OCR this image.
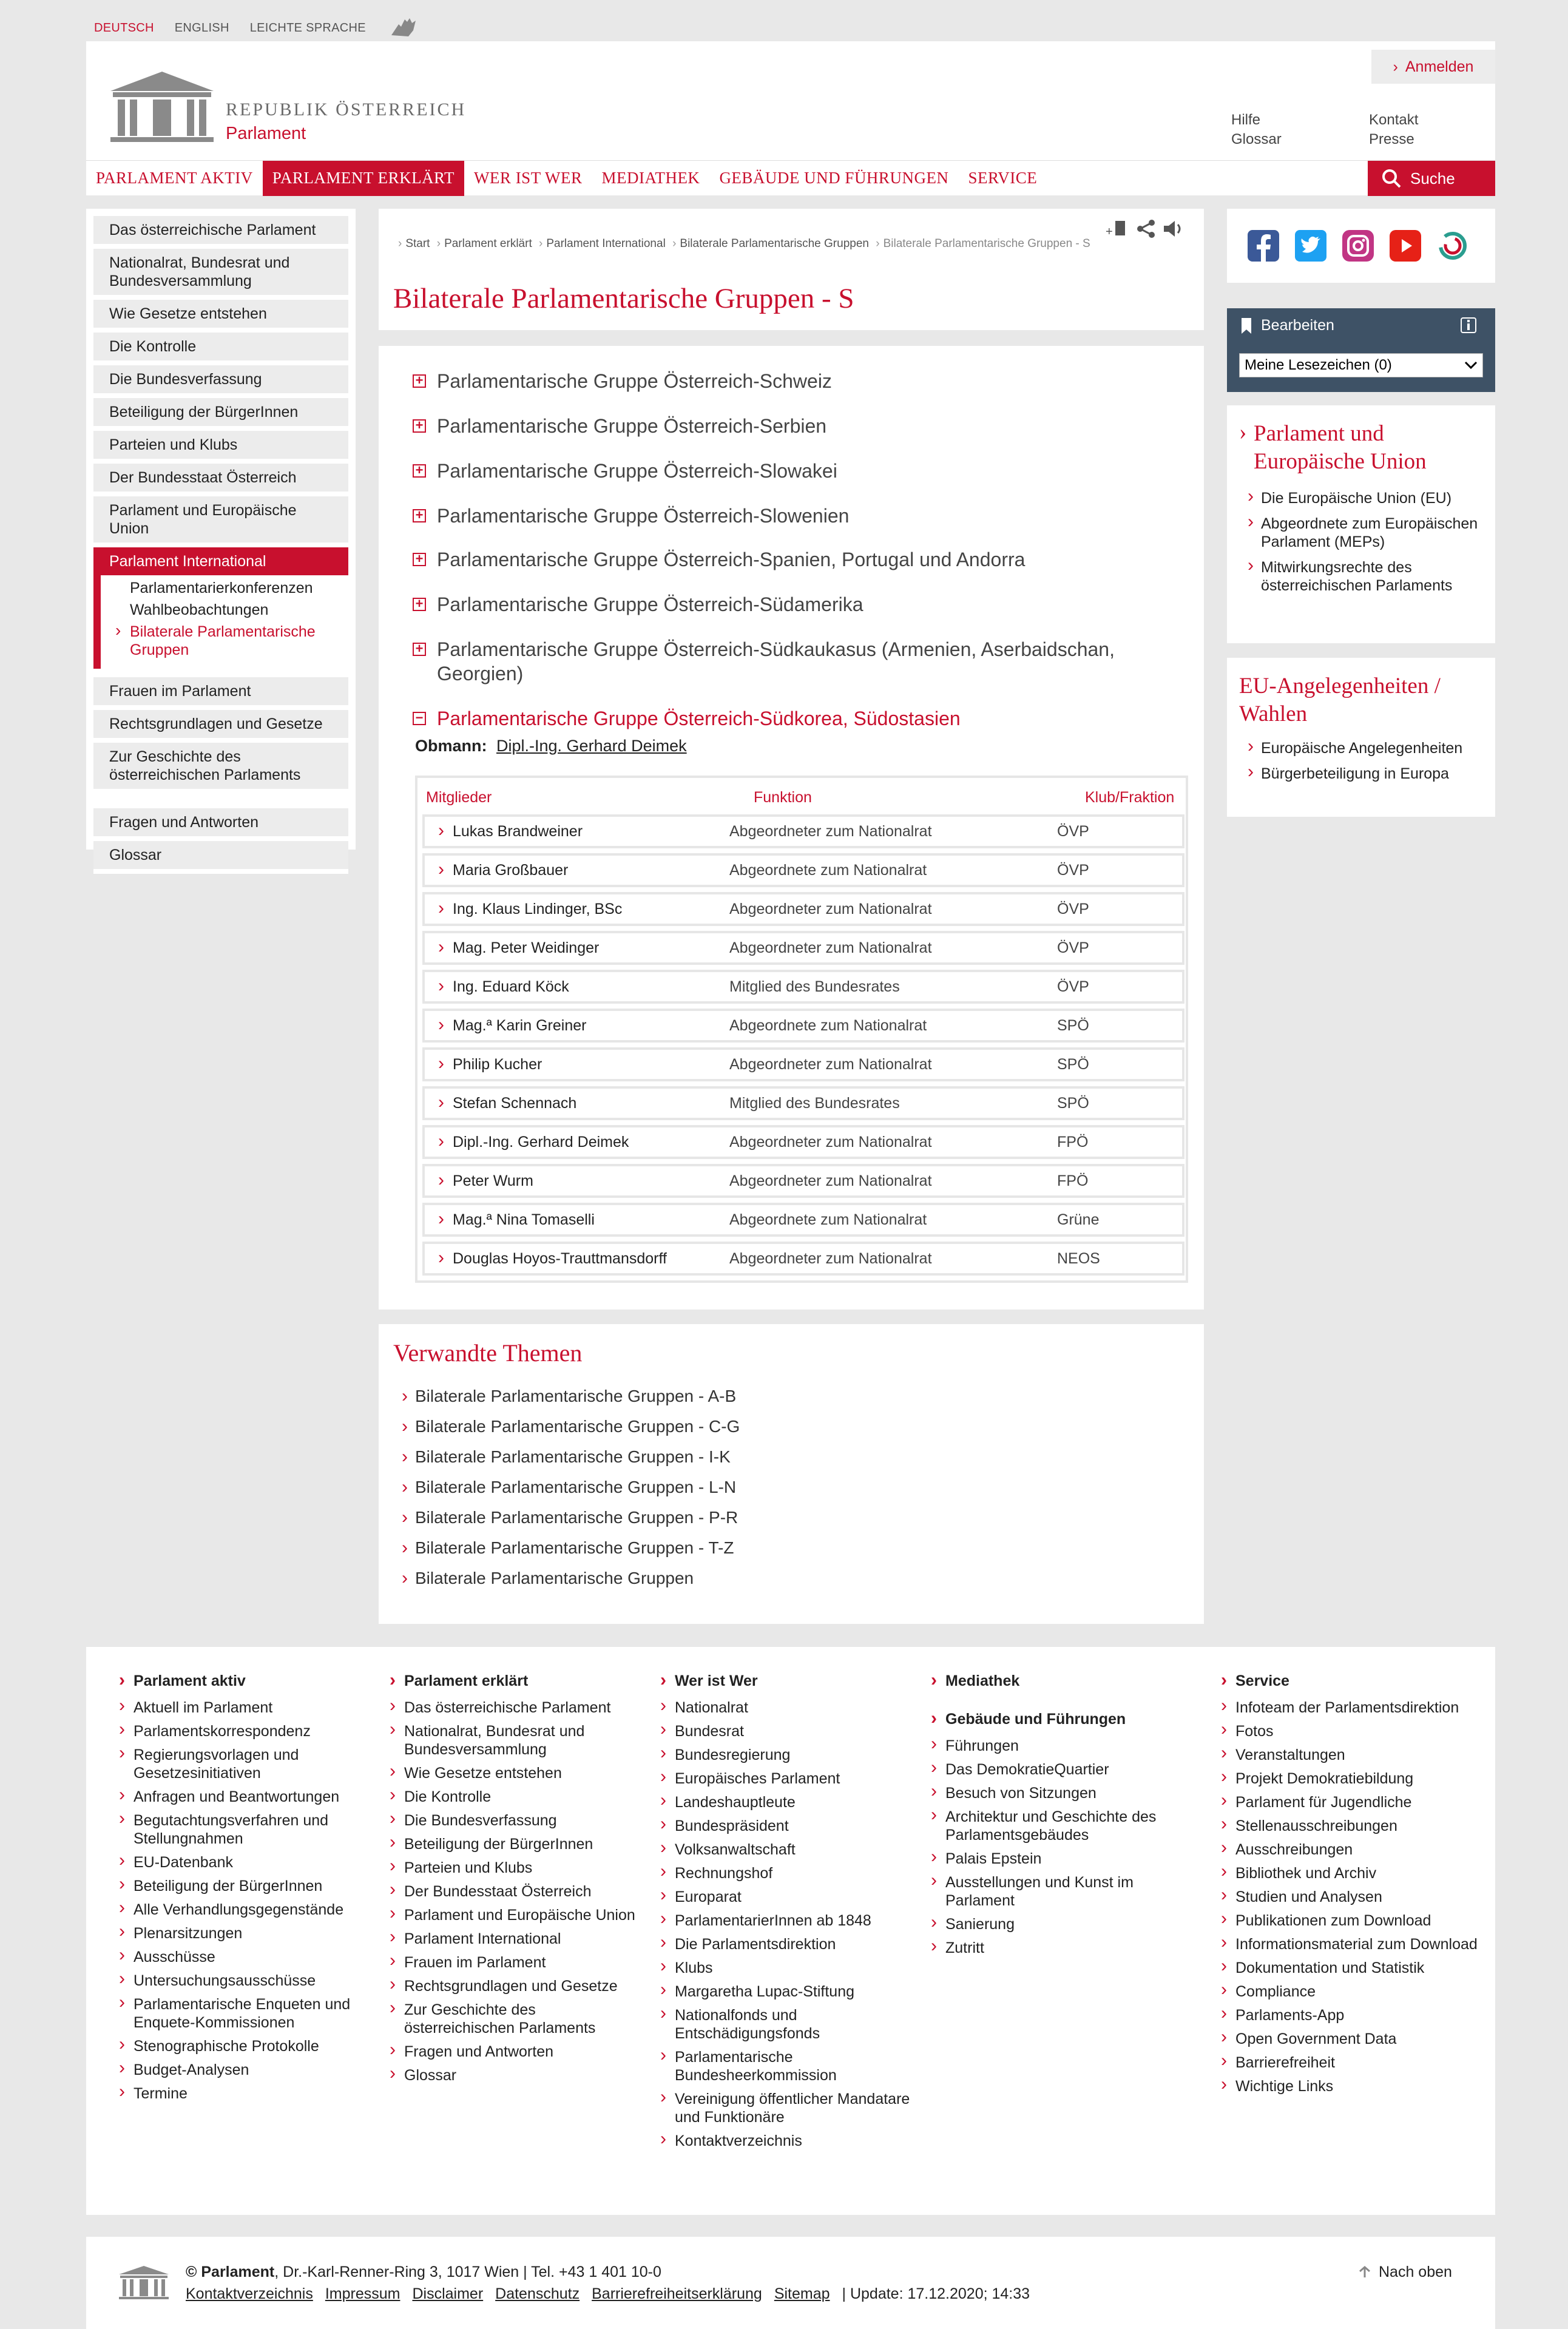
DEUTSCH ENGLISH LEICHTE SPRACHE
REPUBLIK ÖSTERREICH
Parlament
› Anmelden
Hilfe
Glossar
Kontakt
Presse
PARLAMENT AKTIV	PARLAMENT ERKLÄRT	WER IST WER	MEDIATHEK	GEBÄUDE UND FÜHRUNGEN	SERVICE	Suche
Das österreichische Parlament
Nationalrat, Bundesrat und Bundesversammlung
Wie Gesetze entstehen
Die Kontrolle
Die Bundesverfassung
Beteiligung der BürgerInnen
Parteien und Klubs
Der Bundesstaat Österreich
Parlament und Europäische Union
Parlament International
Parlamentarierkonferenzen
Wahlbeobachtungen
› Bilaterale Parlamentarische Gruppen
Frauen im Parlament
Rechtsgrundlagen und Gesetze
Zur Geschichte des österreichischen Parlaments
Fragen und Antworten
Glossar
› Start › Parlament erklärt › Parlament International › Bilaterale Parlamentarische Gruppen › Bilaterale Parlamentarische Gruppen - S
+
Bilaterale Parlamentarische Gruppen - S
+ Parlamentarische Gruppe Österreich-Schweiz
+ Parlamentarische Gruppe Österreich-Serbien
+ Parlamentarische Gruppe Österreich-Slowakei
+ Parlamentarische Gruppe Österreich-Slowenien
+ Parlamentarische Gruppe Österreich-Spanien, Portugal und Andorra
+ Parlamentarische Gruppe Österreich-Südamerika
+ Parlamentarische Gruppe Österreich-Südkaukasus (Armenien, Aserbaidschan, Georgien)
− Parlamentarische Gruppe Österreich-Südkorea, Südostasien
Obmann: Dipl.-Ing. Gerhard Deimek
Mitglieder	Funktion	Klub/Fraktion
› Lukas Brandweiner	Abgeordneter zum Nationalrat	ÖVP
› Maria Großbauer	Abgeordnete zum Nationalrat	ÖVP
› Ing. Klaus Lindinger, BSc	Abgeordneter zum Nationalrat	ÖVP
› Mag. Peter Weidinger	Abgeordneter zum Nationalrat	ÖVP
› Ing. Eduard Köck	Mitglied des Bundesrates	ÖVP
› Mag.ª Karin Greiner	Abgeordnete zum Nationalrat	SPÖ
› Philip Kucher	Abgeordneter zum Nationalrat	SPÖ
› Stefan Schennach	Mitglied des Bundesrates	SPÖ
› Dipl.-Ing. Gerhard Deimek	Abgeordneter zum Nationalrat	FPÖ
› Peter Wurm	Abgeordneter zum Nationalrat	FPÖ
› Mag.ª Nina Tomaselli	Abgeordnete zum Nationalrat	Grüne
› Douglas Hoyos-Trauttmansdorff	Abgeordneter zum Nationalrat	NEOS
Verwandte Themen
› Bilaterale Parlamentarische Gruppen - A-B
› Bilaterale Parlamentarische Gruppen - C-G
› Bilaterale Parlamentarische Gruppen - I-K
› Bilaterale Parlamentarische Gruppen - L-N
› Bilaterale Parlamentarische Gruppen - P-R
› Bilaterale Parlamentarische Gruppen - T-Z
› Bilaterale Parlamentarische Gruppen
Bearbeiten
Meine Lesezeichen (0)
› Parlament und Europäische Union
› Die Europäische Union (EU)
› Abgeordnete zum Europäischen Parlament (MEPs)
› Mitwirkungsrechte des österreichischen Parlaments
EU-Angelegenheiten / Wahlen
› Europäische Angelegenheiten
› Bürgerbeteiligung in Europa
› Parlament aktiv
› Aktuell im Parlament
› Parlamentskorrespondenz
› Regierungsvorlagen und Gesetzesinitiativen
› Anfragen und Beantwortungen
› Begutachtungsverfahren und Stellungnahmen
› EU-Datenbank
› Beteiligung der BürgerInnen
› Alle Verhandlungsgegenstände
› Plenarsitzungen
› Ausschüsse
› Untersuchungsausschüsse
› Parlamentarische Enqueten und Enquete-Kommissionen
› Stenographische Protokolle
› Budget-Analysen
› Termine
› Parlament erklärt
› Das österreichische Parlament
› Nationalrat, Bundesrat und Bundesversammlung
› Wie Gesetze entstehen
› Die Kontrolle
› Die Bundesverfassung
› Beteiligung der BürgerInnen
› Parteien und Klubs
› Der Bundesstaat Österreich
› Parlament und Europäische Union
› Parlament International
› Frauen im Parlament
› Rechtsgrundlagen und Gesetze
› Zur Geschichte des österreichischen Parlaments
› Fragen und Antworten
› Glossar
› Wer ist Wer
› Nationalrat
› Bundesrat
› Bundesregierung
› Europäisches Parlament
› Landeshauptleute
› Bundespräsident
› Volksanwaltschaft
› Rechnungshof
› Europarat
› ParlamentarierInnen ab 1848
› Die Parlamentsdirektion
› Klubs
› Margaretha Lupac-Stiftung
› Nationalfonds und Entschädigungsfonds
› Parlamentarische Bundesheerkommission
› Vereinigung öffentlicher Mandatare und Funktionäre
› Kontaktverzeichnis
› Mediathek
› Gebäude und Führungen
› Führungen
› Das DemokratieQuartier
› Besuch von Sitzungen
› Architektur und Geschichte des Parlamentsgebäudes
› Palais Epstein
› Ausstellungen und Kunst im Parlament
› Sanierung
› Zutritt
› Service
› Infoteam der Parlamentsdirektion
› Fotos
› Veranstaltungen
› Projekt Demokratiebildung
› Parlament für Jugendliche
› Stellenausschreibungen
› Ausschreibungen
› Bibliothek und Archiv
› Studien und Analysen
› Publikationen zum Download
› Informationsmaterial zum Download
› Dokumentation und Statistik
› Compliance
› Parlaments-App
› Open Government Data
› Barrierefreiheit
› Wichtige Links
© Parlament, Dr.-Karl-Renner-Ring 3, 1017 Wien | Tel. +43 1 401 10-0
Kontaktverzeichnis Impressum Disclaimer Datenschutz Barrierefreiheitserklärung Sitemap | Update: 17.12.2020; 14:33
Nach oben
